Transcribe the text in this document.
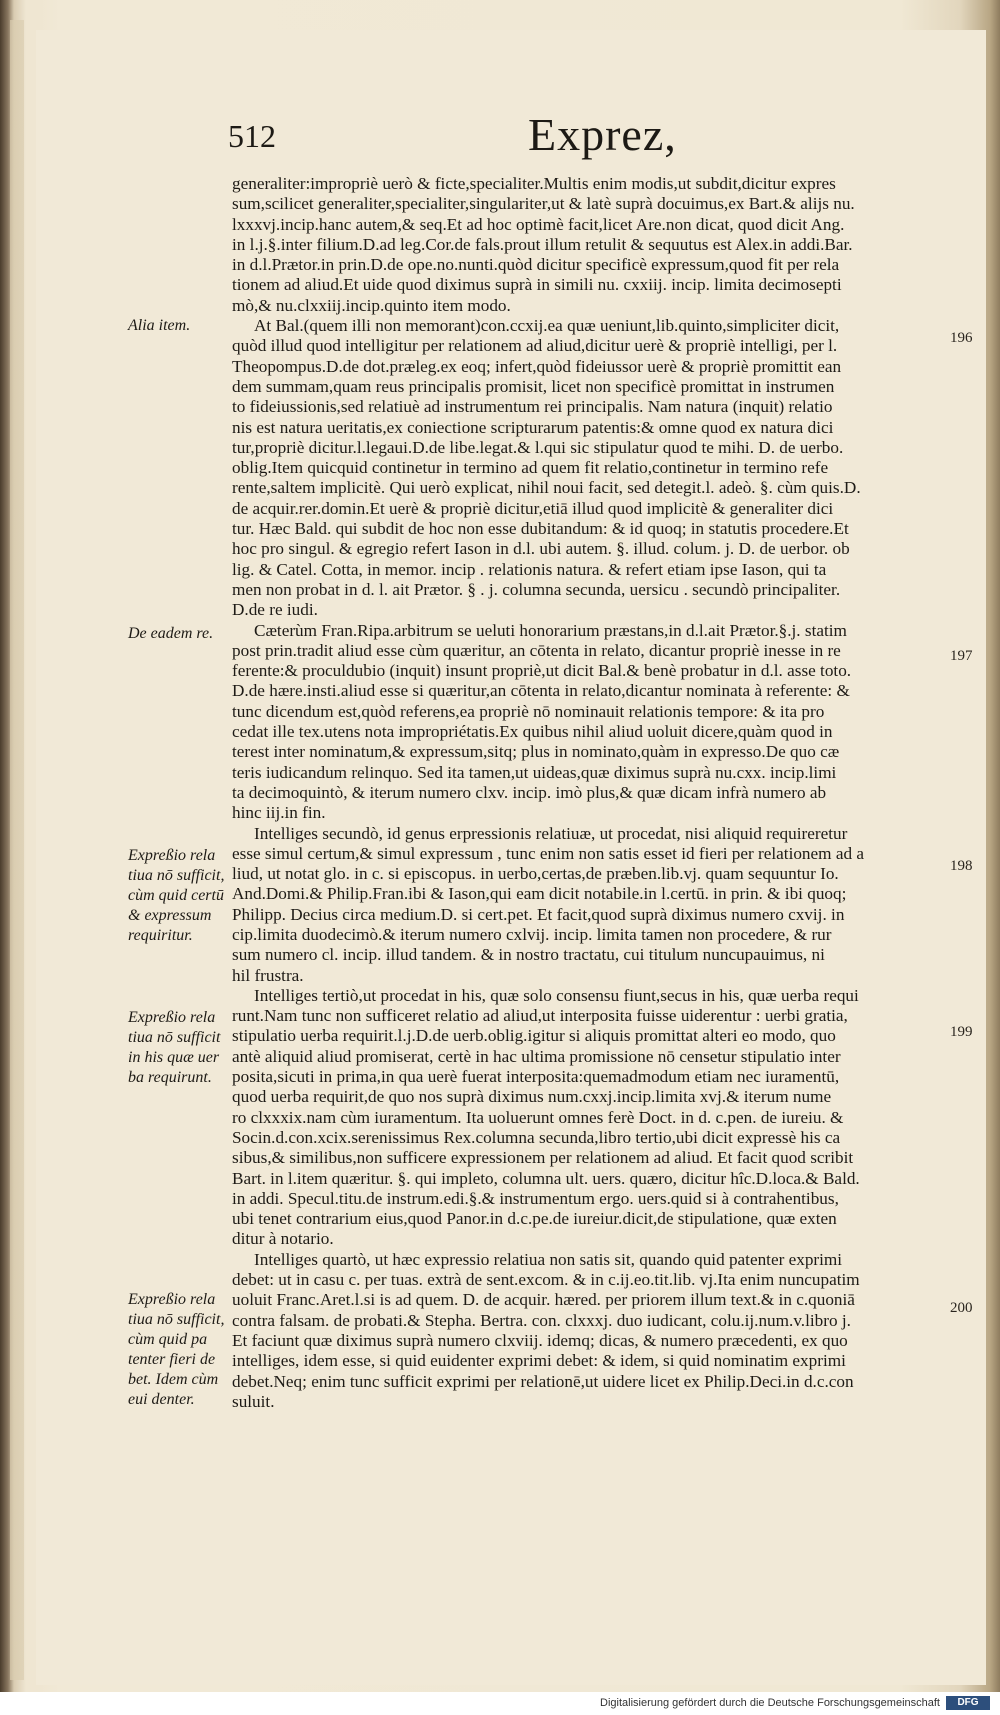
512	Exprez,
generaliter:impropriè uerò & ficte,specialiter.Multis enim modis,ut subdit,dicitur expres
sum,scilicet generaliter,specialiter,singulariter,ut & latè suprà docuimus,ex Bart.& alijs nu.
lxxxvj.incip.hanc autem,& seq.Et ad hoc optimè facit,licet Are.non dicat, quod dicit Ang.
in l.j.§.inter filium.D.ad leg.Cor.de fals.prout illum retulit & sequutus est Alex.in addi.Bar.
in d.l.Prætor.in prin.D.de ope.no.nunti.quòd dicitur specificè expressum,quod fit per rela
tionem ad aliud.Et uide quod diximus suprà in simili nu. cxxiij. incip. limita decimosepti
mò,& nu.clxxiij.incip.quinto item modo.
At Bal.(quem illi non memorant)con.ccxij.ea quæ ueniunt,lib.quinto,simpliciter dicit,
quòd illud quod intelligitur per relationem ad aliud,dicitur uerè & propriè intelligi, per l.
Theopompus.D.de dot.præleg.ex eoq; infert,quòd fideiussor uerè & propriè promittit ean
dem summam,quam reus principalis promisit, licet non specificè promittat in instrumen
to fideiussionis,sed relatiuè ad instrumentum rei principalis. Nam natura (inquit) relatio
nis est natura ueritatis,ex coniectione scripturarum patentis:& omne quod ex natura dici
tur,propriè dicitur.l.legaui.D.de libe.legat.& l.qui sic stipulatur quod te mihi. D. de uerbo.
oblig.Item quicquid continetur in termino ad quem fit relatio,continetur in termino refe
rente,saltem implicitè. Qui uerò explicat, nihil noui facit, sed detegit.l. adeò. §. cùm quis.D.
de acquir.rer.domin.Et uerè & propriè dicitur,etiā illud quod implicitè & generaliter dici
tur. Hæc Bald. qui subdit de hoc non esse dubitandum: & id quoq; in statutis procedere.Et
hoc pro singul. & egregio refert Iason in d.l. ubi autem. §. illud. colum. j. D. de uerbor. ob
lig. & Catel. Cotta, in memor. incip . relationis natura. & refert etiam ipse Iason, qui ta
men non probat in d. l. ait Prætor. § . j. columna secunda, uersicu . secundò principaliter.
D.de re iudi.
Cæterùm Fran.Ripa.arbitrum se ueluti honorarium præstans,in d.l.ait Prætor.§.j. statim
post prin.tradit aliud esse cùm quæritur, an cōtenta in relato, dicantur propriè inesse in re
ferente:& proculdubio (inquit) insunt propriè,ut dicit Bal.& benè probatur in d.l. asse toto.
D.de hære.insti.aliud esse si quæritur,an cōtenta in relato,dicantur nominata à referente: &
tunc dicendum est,quòd referens,ea propriè nō nominauit relationis tempore: & ita pro
cedat ille tex.utens nota impropriétatis.Ex quibus nihil aliud uoluit dicere,quàm quod in
terest inter nominatum,& expressum,sitq; plus in nominato,quàm in expresso.De quo cæ
teris iudicandum relinquo. Sed ita tamen,ut uideas,quæ diximus suprà nu.cxx. incip.limi
ta decimoquintò, & iterum numero clxv. incip. imò plus,& quæ dicam infrà numero ab
hinc iij.in fin.
Intelliges secundò, id genus erpressionis relatiuæ, ut procedat, nisi aliquid requireretur
esse simul certum,& simul expressum , tunc enim non satis esset id fieri per relationem ad a
liud, ut notat glo. in c. si episcopus. in uerbo,certas,de præben.lib.vj. quam sequuntur Io.
And.Domi.& Philip.Fran.ibi & Iason,qui eam dicit notabile.in l.certū. in prin. & ibi quoq;
Philipp. Decius circa medium.D. si cert.pet. Et facit,quod suprà diximus numero cxvij. in
cip.limita duodecimò.& iterum numero cxlvij. incip. limita tamen non procedere, & rur
sum numero cl. incip. illud tandem. & in nostro tractatu, cui titulum nuncupauimus, ni
hil frustra.
Intelliges tertiò,ut procedat in his, quæ solo consensu fiunt,secus in his, quæ uerba requi
runt.Nam tunc non sufficeret relatio ad aliud,ut interposita fuisse uiderentur : uerbi gratia,
stipulatio uerba requirit.l.j.D.de uerb.oblig.igitur si aliquis promittat alteri eo modo, quo
antè aliquid aliud promiserat, certè in hac ultima promissione nō censetur stipulatio inter
posita,sicuti in prima,in qua uerè fuerat interposita:quemadmodum etiam nec iuramentū,
quod uerba requirit,de quo nos suprà diximus num.cxxj.incip.limita xvj.& iterum nume
ro clxxxix.nam cùm iuramentum. Ita uoluerunt omnes ferè Doct. in d. c.pen. de iureiu. &
Socin.d.con.xcix.serenissimus Rex.columna secunda,libro tertio,ubi dicit expressè his ca
sibus,& similibus,non sufficere expressionem per relationem ad aliud. Et facit quod scribit
Bart. in l.item quæritur. §. qui impleto, columna ult. uers. quæro, dicitur hîc.D.loca.& Bald.
in addi. Specul.titu.de instrum.edi.§.& instrumentum ergo. uers.quid si à contrahentibus,
ubi tenet contrarium eius,quod Panor.in d.c.pe.de iureiur.dicit,de stipulatione, quæ exten
ditur à notario.
Intelliges quartò, ut hæc expressio relatiua non satis sit, quando quid patenter exprimi
debet: ut in casu c. per tuas. extrà de sent.excom. & in c.ij.eo.tit.lib. vj.Ita enim nuncupatim
uoluit Franc.Aret.l.si is ad quem. D. de acquir. hæred. per priorem illum text.& in c.quoniā
contra falsam. de probati.& Stepha. Bertra. con. clxxxj. duo iudicant, colu.ij.num.v.libro j.
Et faciunt quæ diximus suprà numero clxviij. idemq; dicas, & numero præcedenti, ex quo
intelliges, idem esse, si quid euidenter exprimi debet: & idem, si quid nominatim exprimi
debet.Neq; enim tunc sufficit exprimi per relationē,ut uidere licet ex Philip.Deci.in d.c.con
suluit.
Alia item.
De eadem re.
Expreßio rela tiua nō sufficit, cùm quid certū & expressum requiritur.
Expreßio rela tiua nō sufficit in his quæ uer ba requirunt.
Expreßio rela tiua nō sufficit, cùm quid pa tenter fieri de bet. Idem cùm eui denter.
196
197
198
199
200
Digitalisierung gefördert durch die Deutsche Forschungsgemeinschaft	DFG
